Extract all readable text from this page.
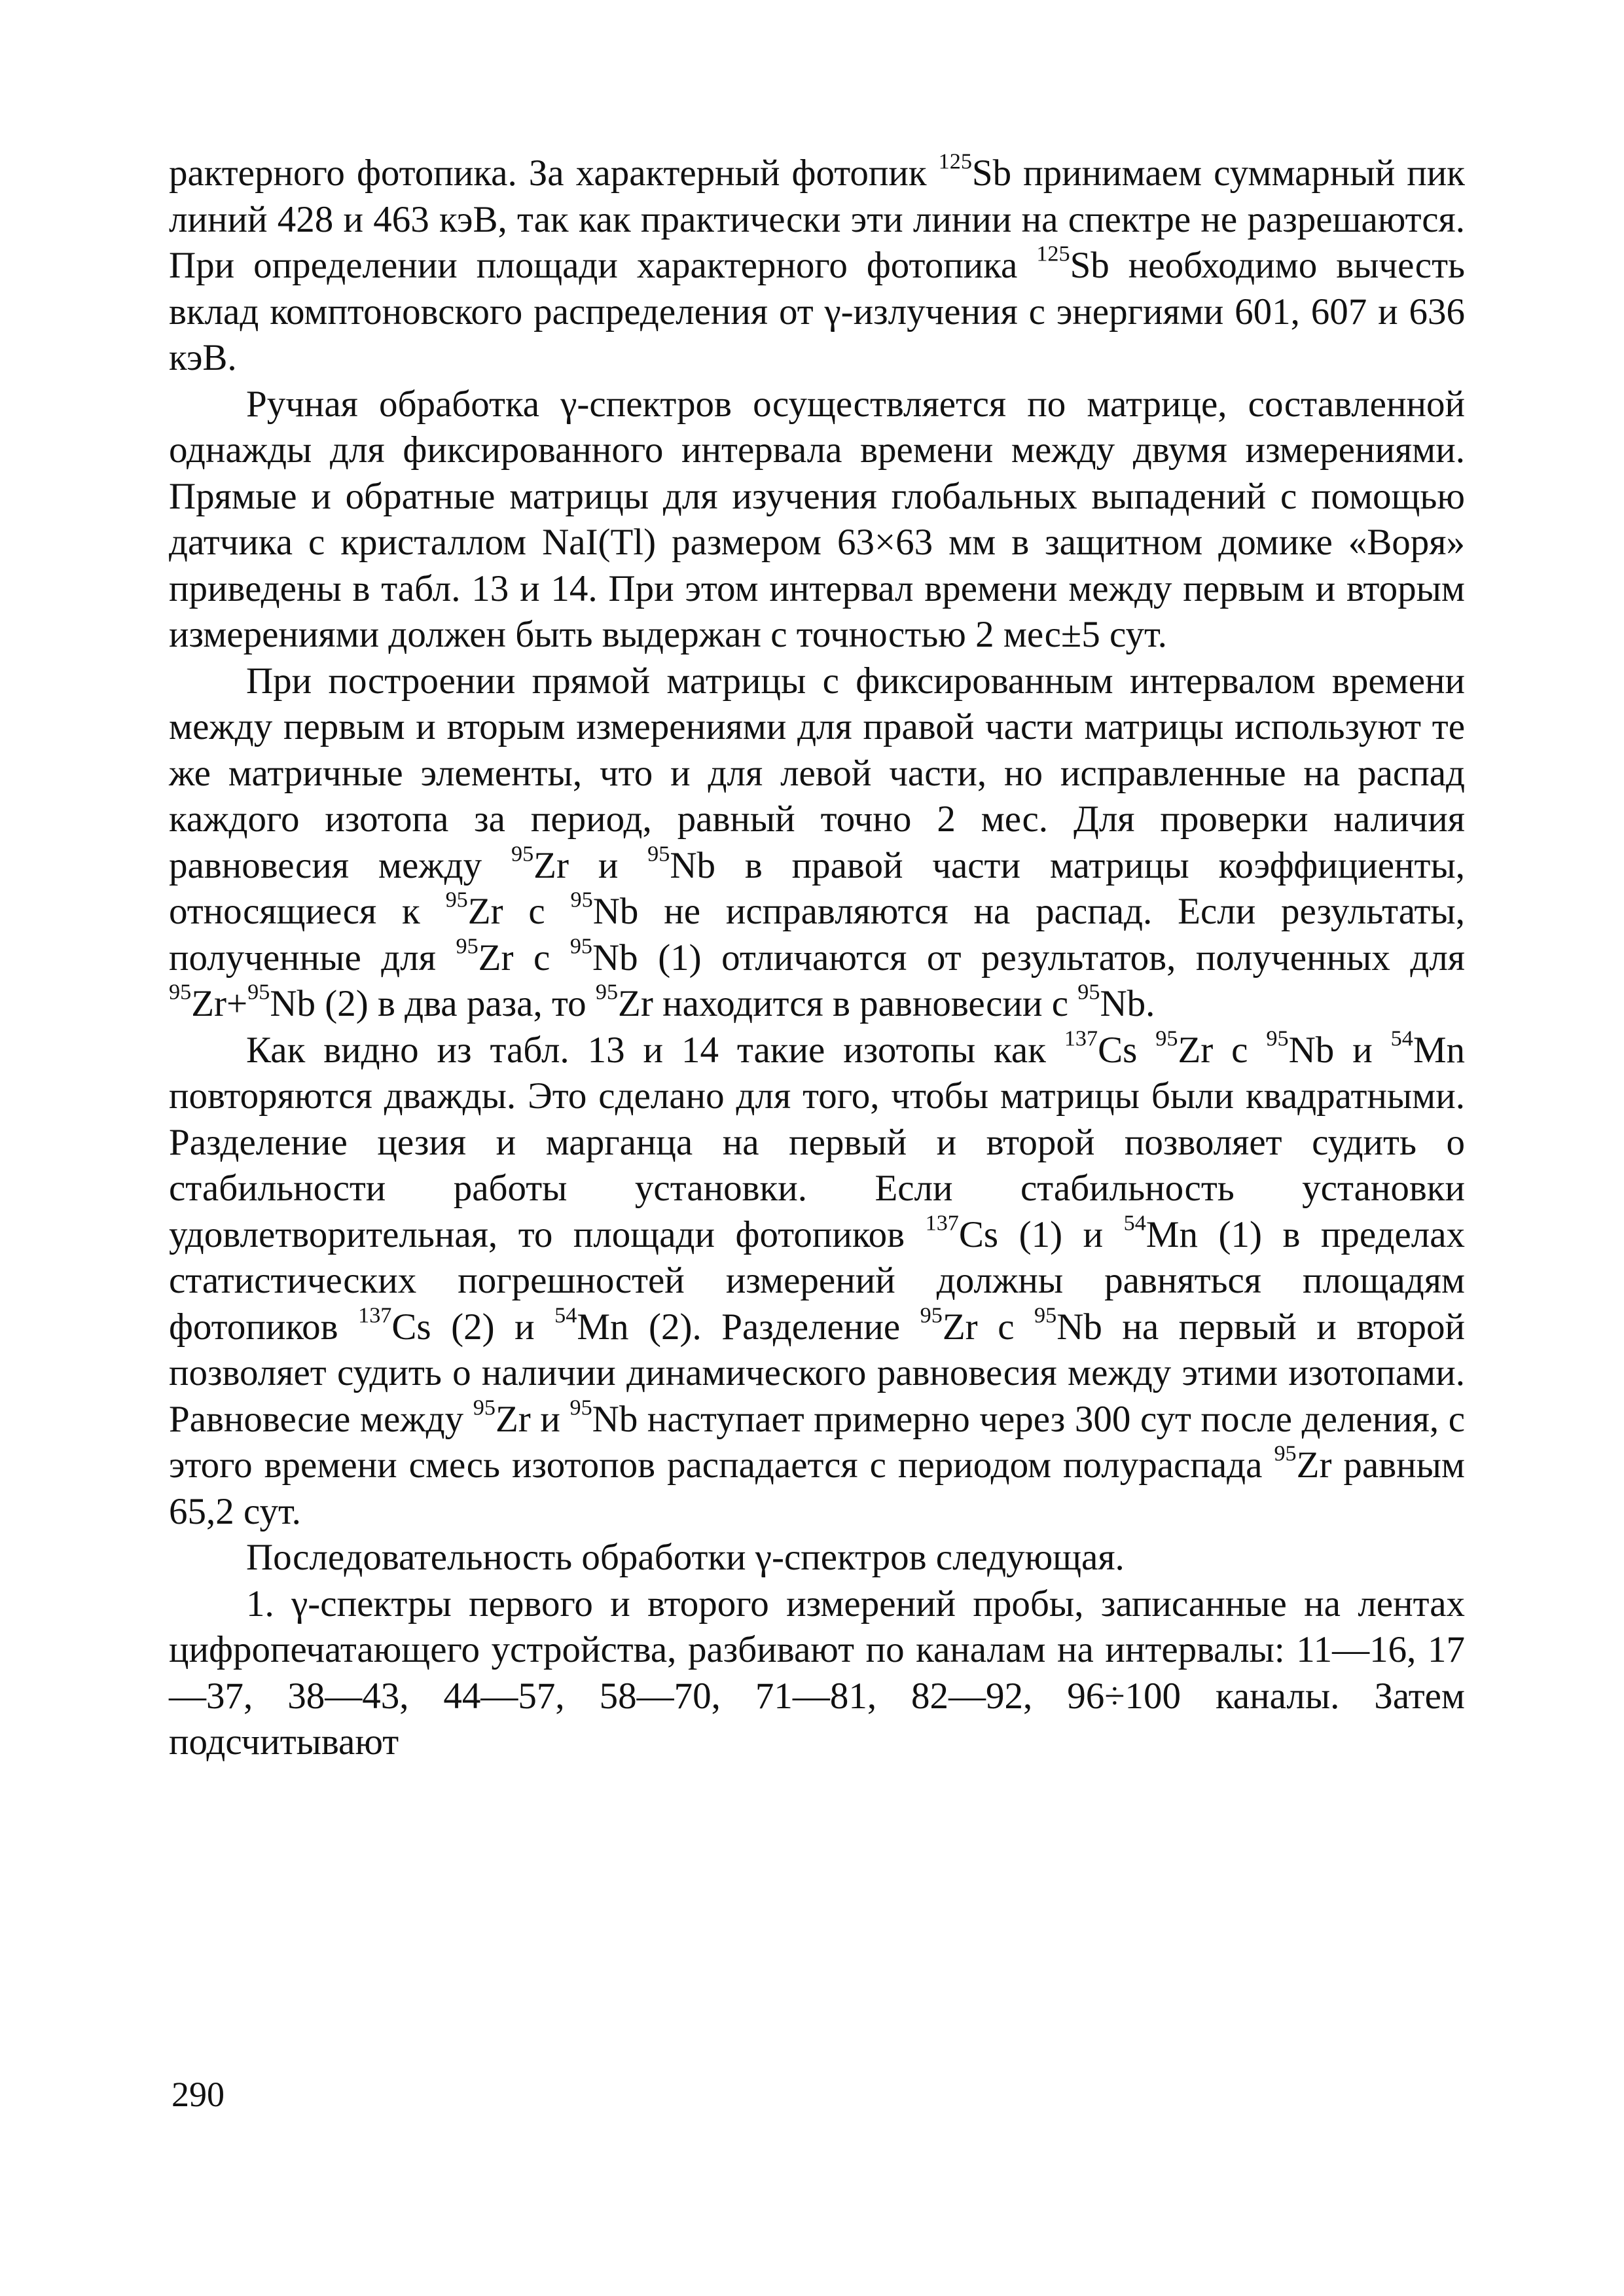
рактерного фотопика. За характерный фотопик $^{125}$Sb принимаем суммарный пик линий 428 и 463 кэВ, так как практически эти линии на спектре не разрешаются. При определении площади характерного фотопика $^{125}$Sb необходимо вычесть вклад комптоновского распределения от γ-излучения с энергиями 601, 607 и 636 кэВ.

Ручная обработка γ-спектров осуществляется по матрице, составленной однажды для фиксированного интервала времени между двумя измерениями. Прямые и обратные матрицы для изучения глобальных выпадений с помощью датчика с кристаллом NaI(Tl) размером 63×63 мм в защитном домике «Воря» приведены в табл. 13 и 14. При этом интервал времени между первым и вторым измерениями должен быть выдержан с точностью 2 мес±5 сут.

При построении прямой матрицы с фиксированным интервалом времени между первым и вторым измерениями для правой части матрицы используют те же матричные элементы, что и для левой части, но исправленные на распад каждого изотопа за период, равный точно 2 мес. Для проверки наличия равновесия между $^{95}$Zr и $^{95}$Nb в правой части матрицы коэффициенты, относящиеся к $^{95}$Zr с $^{95}$Nb не исправляются на распад. Если результаты, полученные для $^{95}$Zr с $^{95}$Nb (1) отличаются от результатов, полученных для $^{95}$Zr+$^{95}$Nb (2) в два раза, то $^{95}$Zr находится в равновесии с $^{95}$Nb.

Как видно из табл. 13 и 14 такие изотопы как $^{137}$Cs $^{95}$Zr с $^{95}$Nb и $^{54}$Mn повторяются дважды. Это сделано для того, чтобы матрицы были квадратными. Разделение цезия и марганца на первый и второй позволяет судить о стабильности работы установки. Если стабильность установки удовлетворительная, то площади фотопиков $^{137}$Cs (1) и $^{54}$Mn (1) в пределах статистических погрешностей измерений должны равняться площадям фотопиков $^{137}$Cs (2) и $^{54}$Mn (2). Разделение $^{95}$Zr с $^{95}$Nb на первый и второй позволяет судить о наличии динамического равновесия между этими изотопами. Равновесие между $^{95}$Zr и $^{95}$Nb наступает примерно через 300 сут после деления, с этого времени смесь изотопов распадается с периодом полураспада $^{95}$Zr равным 65,2 сут.

Последовательность обработки γ-спектров следующая.

1. γ-спектры первого и второго измерений пробы, записанные на лентах цифропечатающего устройства, разбивают по каналам на интервалы: 11—16, 17—37, 38—43, 44—57, 58—70, 71—81, 82—92, 96÷100 каналы. Затем подсчитывают

290
